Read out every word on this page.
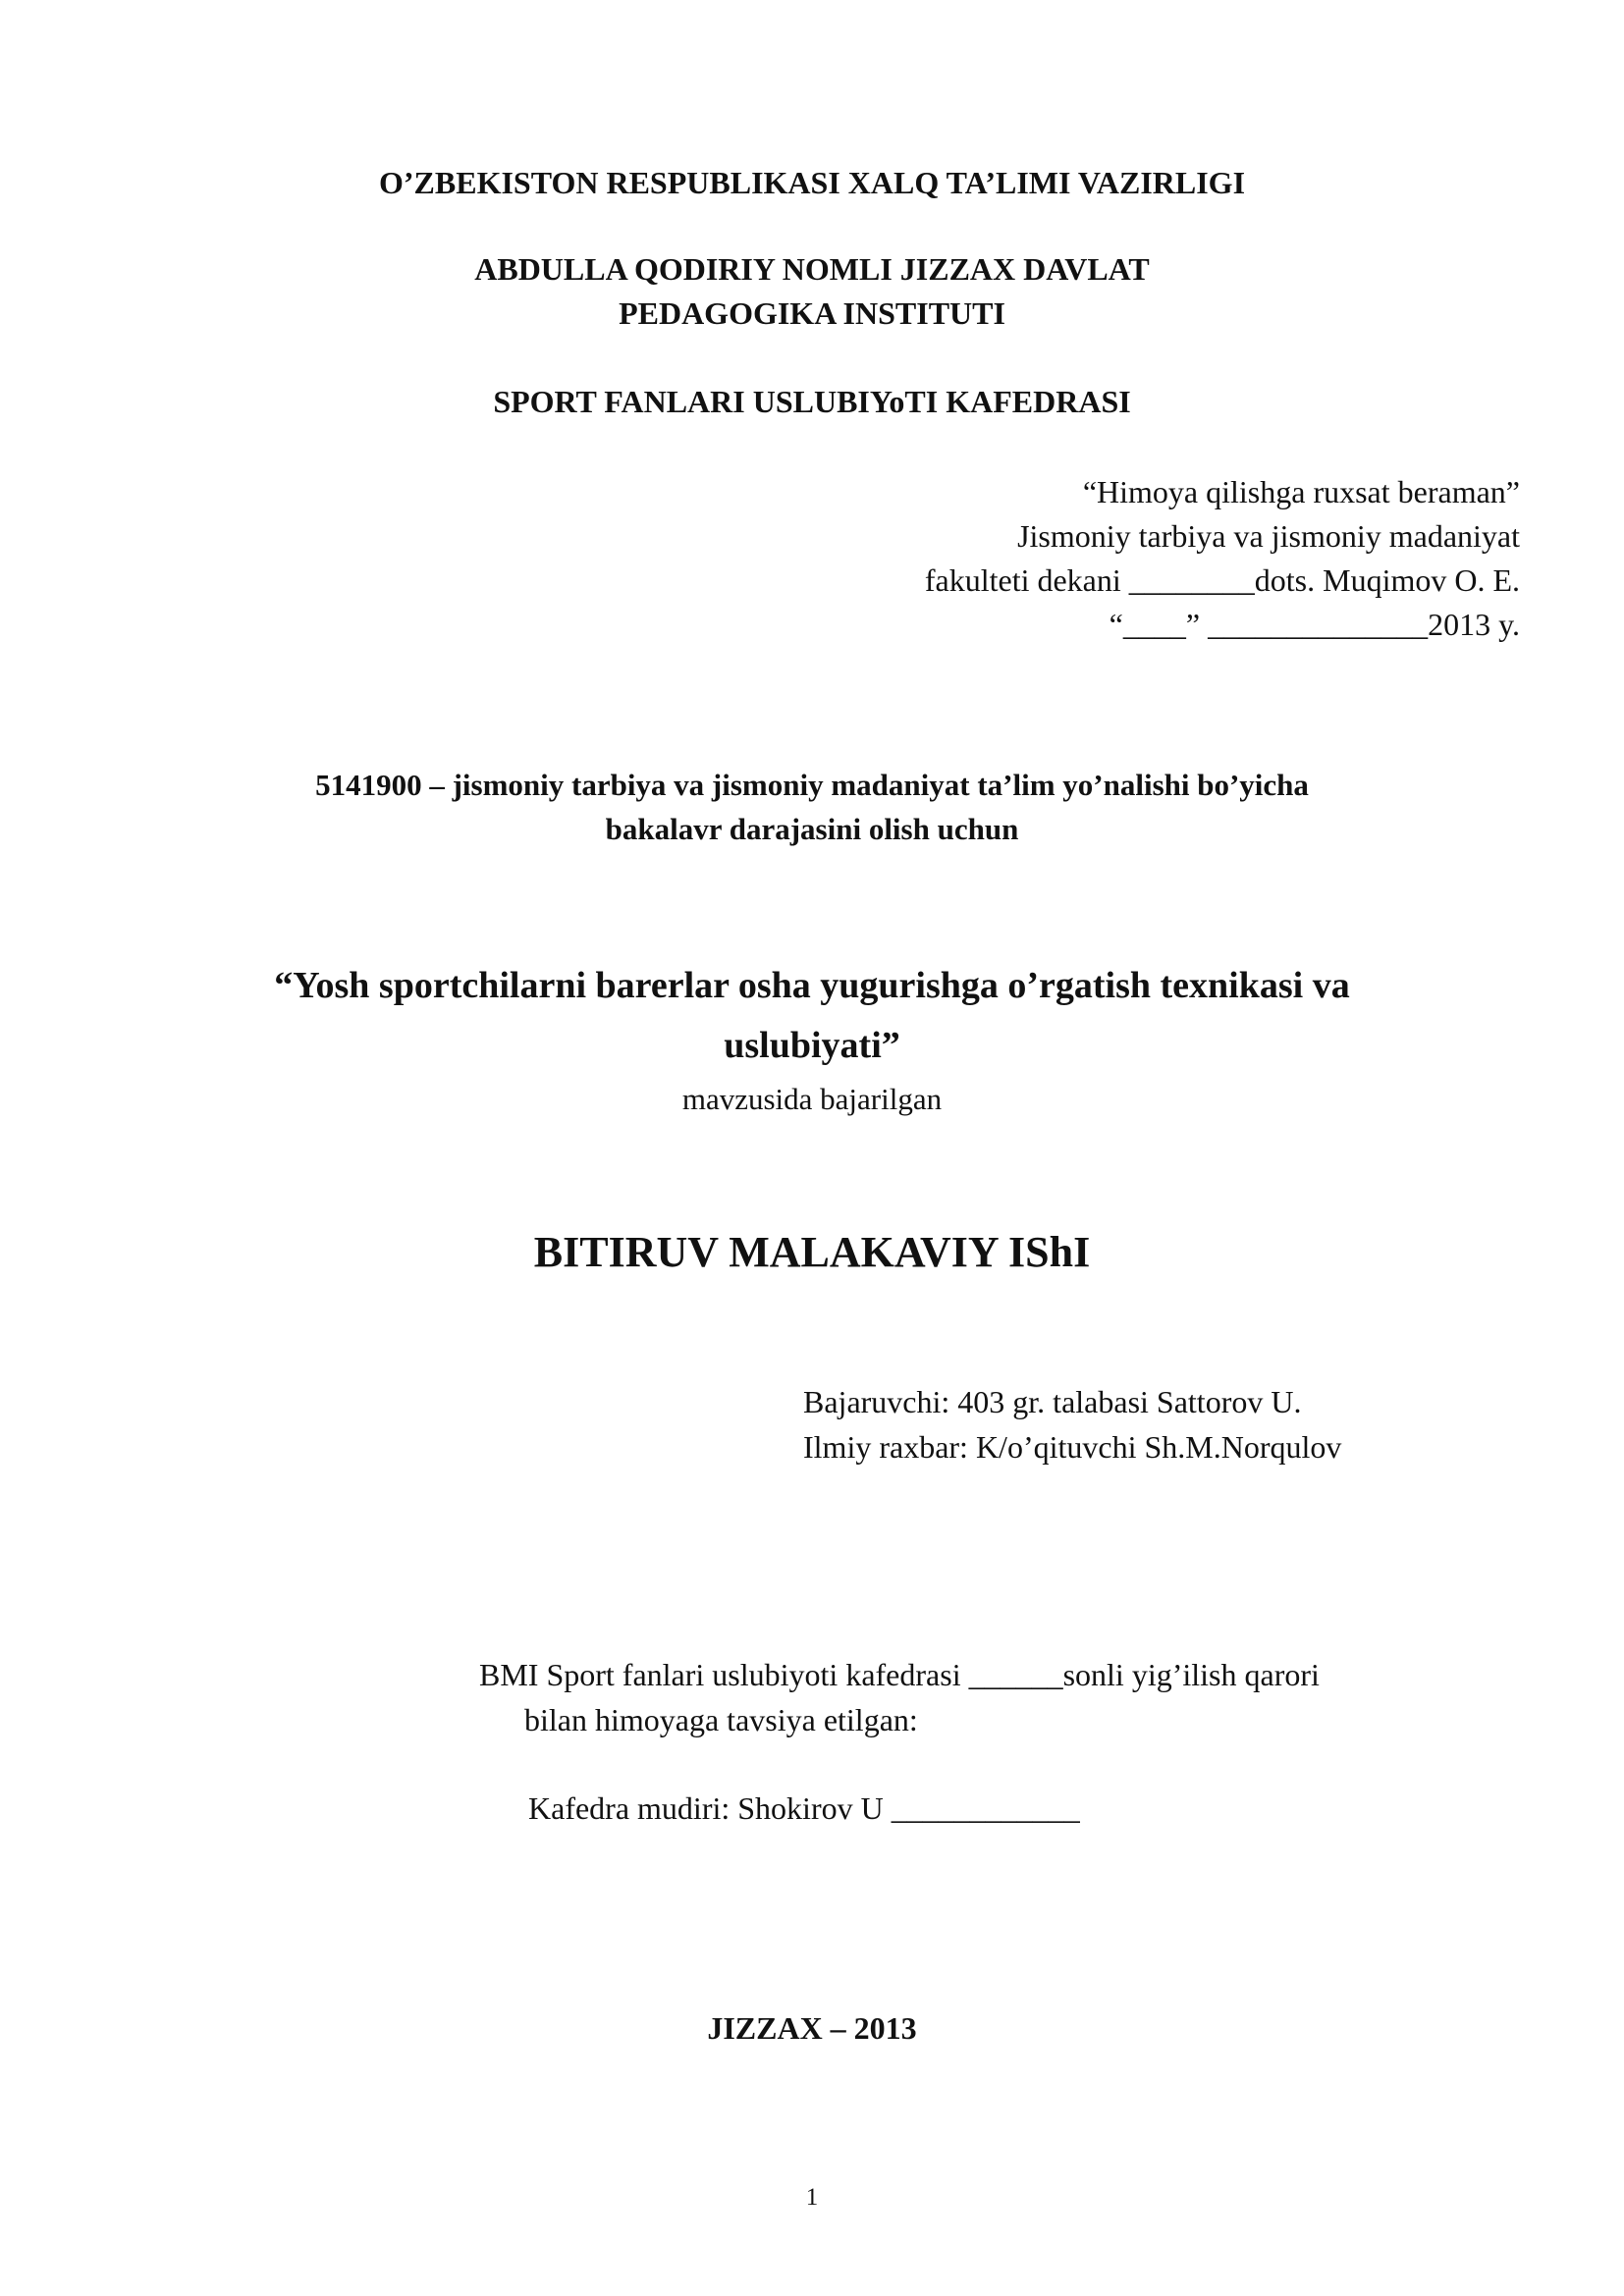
O’ZBEKISTON RESPUBLIKASI XALQ TA’LIMI VAZIRLIGI
ABDULLA QODIRIY NOMLI JIZZAX DAVLAT
PEDAGOGIKA INSTITUTI
SPORT FANLARI USLUBIYoTI KAFEDRASI
“Himoya qilishga ruxsat beraman”
Jismoniy tarbiya va jismoniy madaniyat
fakulteti dekani ________dots. Muqimov O. E.
“____” ______________2013 y.
5141900 – jismoniy tarbiya va jismoniy madaniyat ta’lim yo’nalishi bo’yicha
bakalavr darajasini olish uchun
“Yosh sportchilarni barerlar osha yugurishga o’rgatish texnikasi va
uslubiyati”
mavzusida bajarilgan
BITIRUV MALAKAVIY IShI
Bajaruvchi: 403 gr. talabasi Sattorov U.
Ilmiy raxbar: K/o’qituvchi Sh.M.Norqulov
BMI Sport fanlari uslubiyoti kafedrasi ______sonli yig’ilish qarori
bilan himoyaga tavsiya etilgan:
Kafedra mudiri: Shokirov U ____________
JIZZAX – 2013
1
